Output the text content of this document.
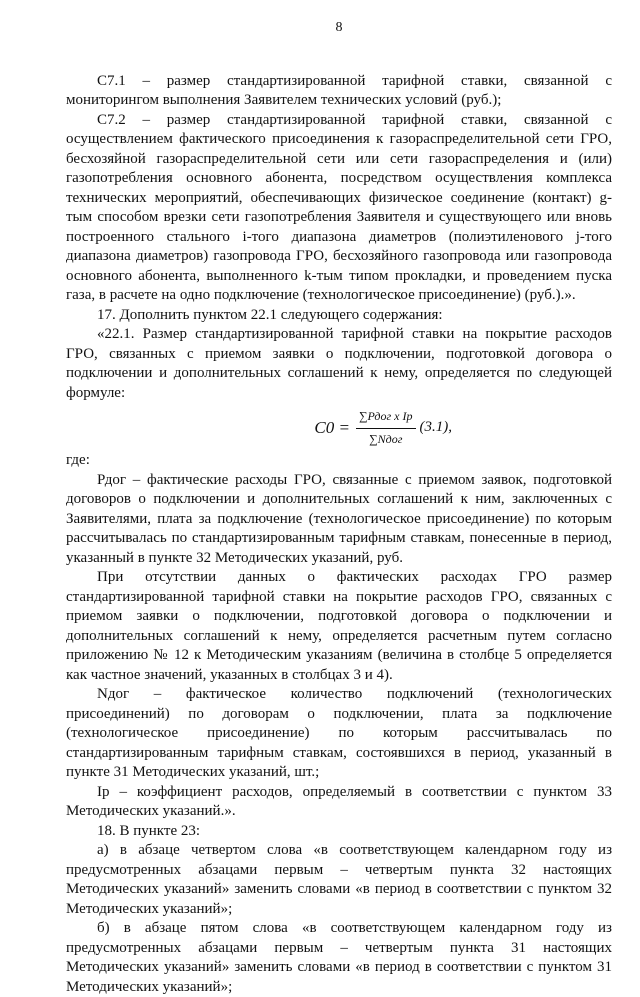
8

C7.1 – размер стандартизированной тарифной ставки, связанной с мониторингом выполнения Заявителем технических условий (руб.);

C7.2 – размер стандартизированной тарифной ставки, связанной с осуществлением фактического присоединения к газораспределительной сети ГРО, бесхозяйной газораспределительной сети или сети газораспределения и (или) газопотребления основного абонента, посредством осуществления комплекса технических мероприятий, обеспечивающих физическое соединение (контакт) g-тым способом врезки сети газопотребления Заявителя и существующего или вновь построенного стального i-того диапазона диаметров (полиэтиленового j-того диапазона диаметров) газопровода ГРО, бесхозяйного газопровода или газопровода основного абонента, выполненного k-тым типом прокладки, и проведением пуска газа, в расчете на одно подключение (технологическое присоединение) (руб.).».

17. Дополнить пунктом 22.1 следующего содержания:

«22.1. Размер стандартизированной тарифной ставки на покрытие расходов ГРО, связанных с приемом заявки о подключении, подготовкой договора о подключении и дополнительных соглашений к нему, определяется по следующей формуле:

$C0 = \frac{\text{∑Рдог x Ip}}{\text{∑Nдог}} (3.1)$,

где:

Рдог – фактические расходы ГРО, связанные с приемом заявок, подготовкой договоров о подключении и дополнительных соглашений к ним, заключенных с Заявителями, плата за подключение (технологическое присоединение) по которым рассчитывалась по стандартизированным тарифным ставкам, понесенные в период, указанный в пункте 32 Методических указаний, руб.

При отсутствии данных о фактических расходах ГРО размер стандартизированной тарифной ставки на покрытие расходов ГРО, связанных с приемом заявки о подключении, подготовкой договора о подключении и дополнительных соглашений к нему, определяется расчетным путем согласно приложению № 12 к Методическим указаниям (величина в столбце 5 определяется как частное значений, указанных в столбцах 3 и 4).

Nдог – фактическое количество подключений (технологических присоединений) по договорам о подключении, плата за подключение (технологическое присоединение) по которым рассчитывалась по стандартизированным тарифным ставкам, состоявшихся в период, указанный в пункте 31 Методических указаний, шт.;

Ip – коэффициент расходов, определяемый в соответствии с пунктом 33 Методических указаний.».

18. В пункте 23:

а) в абзаце четвертом слова «в соответствующем календарном году из предусмотренных абзацами первым – четвертым пункта 32 настоящих Методических указаний» заменить словами «в период в соответствии с пунктом 32 Методических указаний»;

б) в абзаце пятом слова «в соответствующем календарном году из предусмотренных абзацами первым – четвертым пункта 31 настоящих Методических указаний» заменить словами «в период в соответствии с пунктом 31 Методических указаний»;
